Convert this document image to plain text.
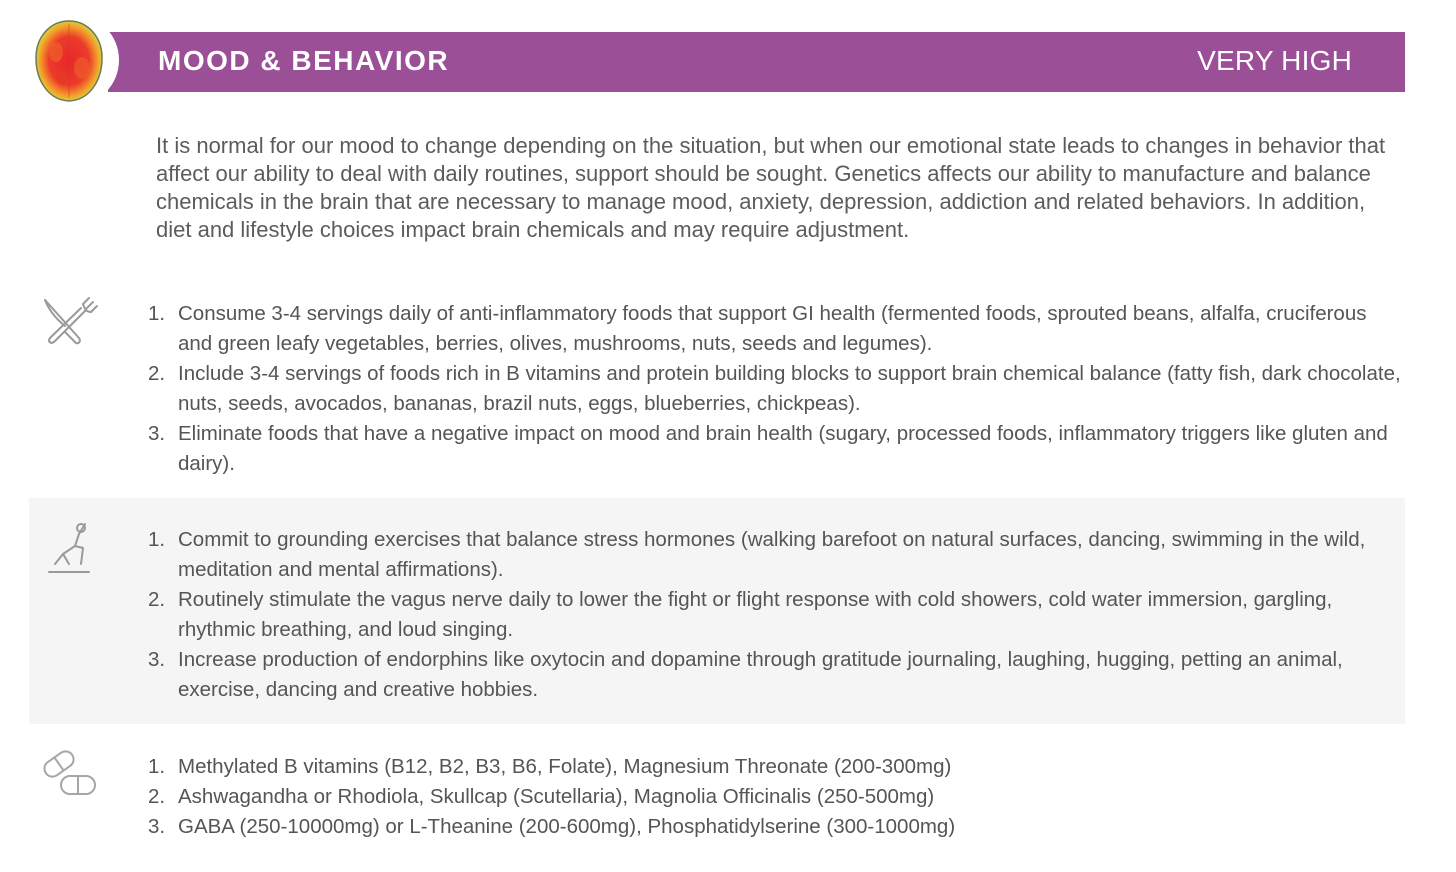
MOOD & BEHAVIOR	VERY HIGH

It is normal for our mood to change depending on the situation, but when our emotional state leads to changes in behavior that affect our ability to deal with daily routines, support should be sought. Genetics affects our ability to manufacture and balance chemicals in the brain that are necessary to manage mood, anxiety, depression, addiction and related behaviors. In addition, diet and lifestyle choices impact brain chemicals and may require adjustment.

1. Consume 3-4 servings daily of anti-inflammatory foods that support GI health (fermented foods, sprouted beans, alfalfa, cruciferous and green leafy vegetables, berries, olives, mushrooms, nuts, seeds and legumes).
2. Include 3-4 servings of foods rich in B vitamins and protein building blocks to support brain chemical balance (fatty fish, dark chocolate, nuts, seeds, avocados, bananas, brazil nuts, eggs, blueberries, chickpeas).
3. Eliminate foods that have a negative impact on mood and brain health (sugary, processed foods, inflammatory triggers like gluten and dairy).
1. Commit to grounding exercises that balance stress hormones (walking barefoot on natural surfaces, dancing, swimming in the wild, meditation and mental affirmations).
2. Routinely stimulate the vagus nerve daily to lower the fight or flight response with cold showers, cold water immersion, gargling, rhythmic breathing, and loud singing.
3. Increase production of endorphins like oxytocin and dopamine through gratitude journaling, laughing, hugging, petting an animal, exercise, dancing and creative hobbies.
1. Methylated B vitamins (B12, B2, B3, B6, Folate), Magnesium Threonate (200-300mg)
2. Ashwagandha or Rhodiola, Skullcap (Scutellaria), Magnolia Officinalis (250-500mg)
3. GABA (250-10000mg) or L-Theanine (200-600mg), Phosphatidylserine (300-1000mg)
